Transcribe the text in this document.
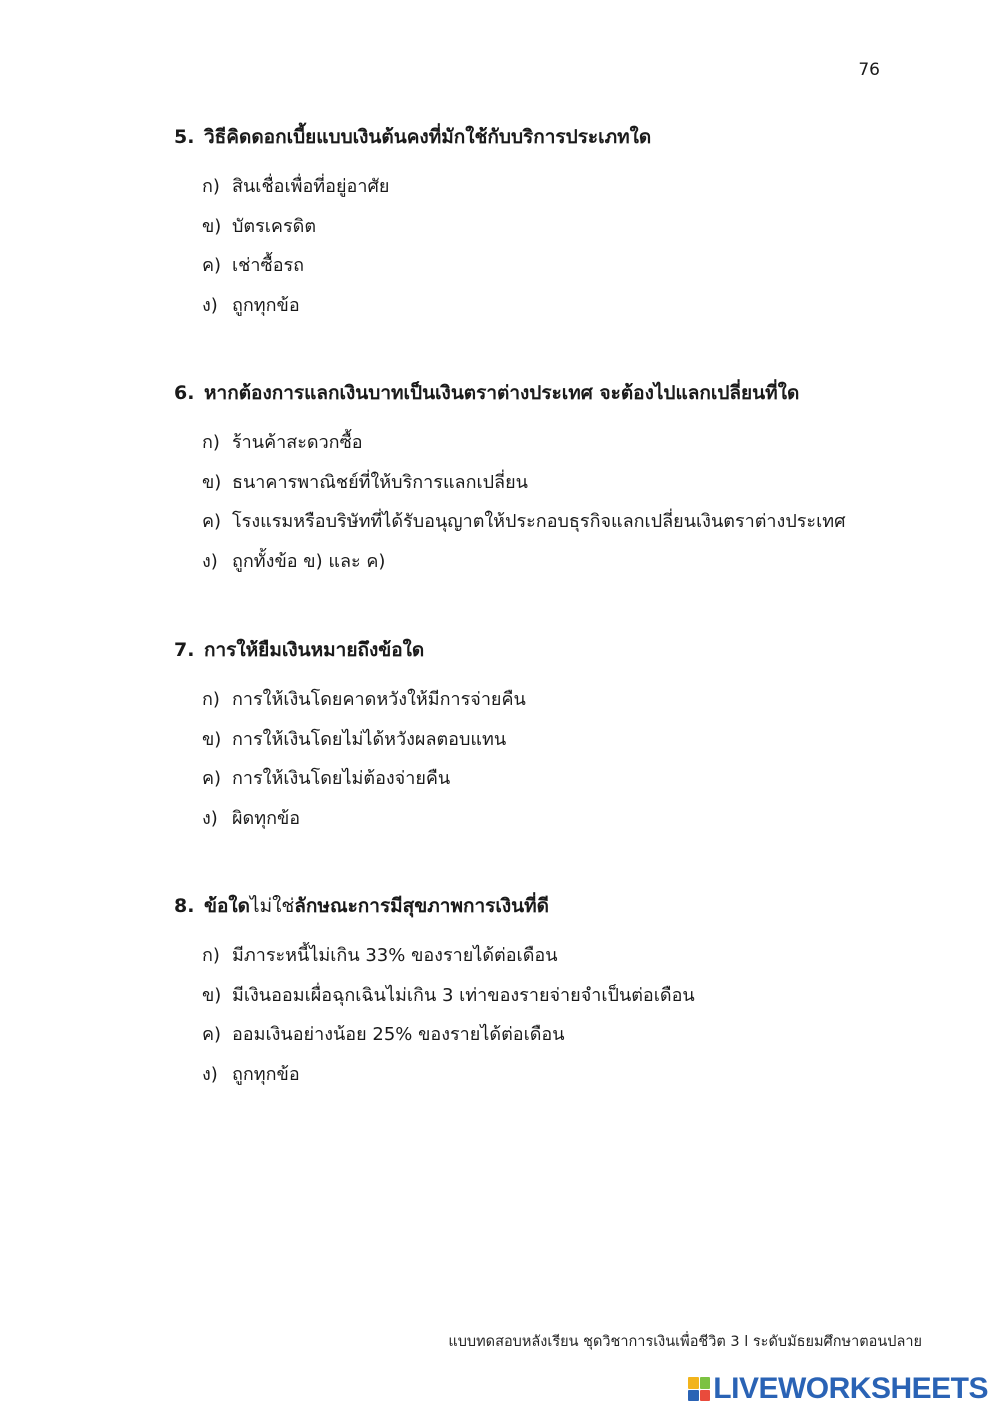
76
5. วิธีคิดดอกเบี้ยแบบเงินต้นคงที่มักใช้กับบริการประเภทใด
ก) สินเชื่อเพื่อที่อยู่อาศัย
ข) บัตรเครดิต
ค) เช่าซื้อรถ
ง) ถูกทุกข้อ
6. หากต้องการแลกเงินบาทเป็นเงินตราต่างประเทศ จะต้องไปแลกเปลี่ยนที่ใด
ก) ร้านค้าสะดวกซื้อ
ข) ธนาคารพาณิชย์ที่ให้บริการแลกเปลี่ยน
ค) โรงแรมหรือบริษัทที่ได้รับอนุญาตให้ประกอบธุรกิจแลกเปลี่ยนเงินตราต่างประเทศ
ง) ถูกทั้งข้อ ข) และ ค)
7. การให้ยืมเงินหมายถึงข้อใด
ก) การให้เงินโดยคาดหวังให้มีการจ่ายคืน
ข) การให้เงินโดยไม่ได้หวังผลตอบแทน
ค) การให้เงินโดยไม่ต้องจ่ายคืน
ง) ผิดทุกข้อ
8. ข้อใดไม่ใช่ลักษณะการมีสุขภาพการเงินที่ดี
ก) มีภาระหนี้ไม่เกิน 33% ของรายได้ต่อเดือน
ข) มีเงินออมเผื่อฉุกเฉินไม่เกิน 3 เท่าของรายจ่ายจำเป็นต่อเดือน
ค) ออมเงินอย่างน้อย 25% ของรายได้ต่อเดือน
ง) ถูกทุกข้อ
แบบทดสอบหลังเรียน ชุดวิชาการเงินเพื่อชีวิต 3 l ระดับมัธยมศึกษาตอนปลาย
LIVEWORKSHEETS
